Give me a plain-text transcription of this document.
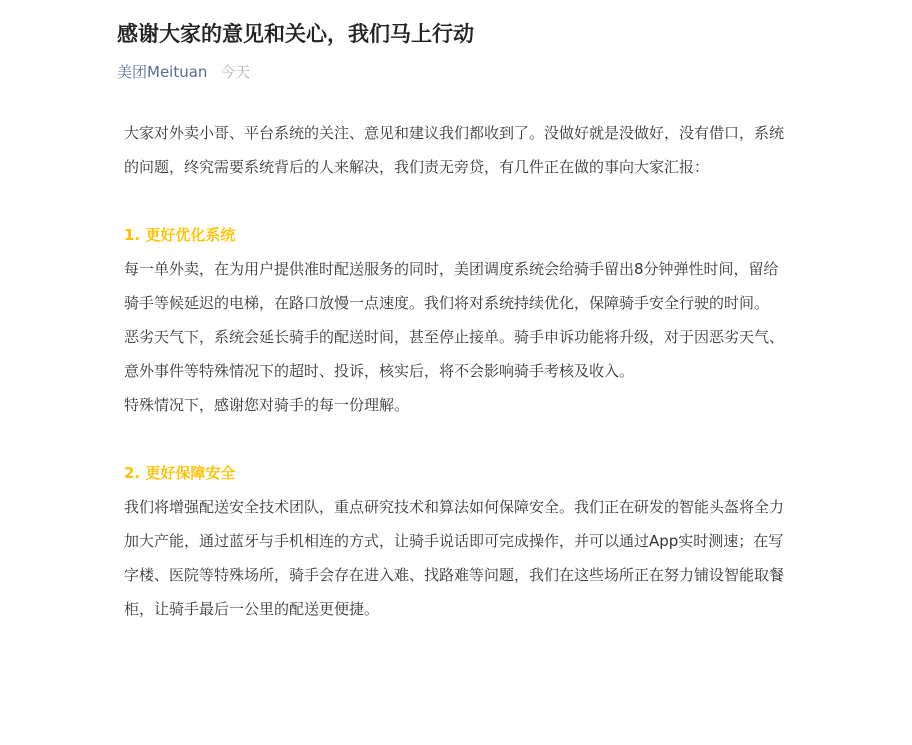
感谢大家的意见和关心，我们马上行动
美团Meituan 今天

大家对外卖小哥、平台系统的关注、意见和建议我们都收到了。没做好就是没做好，没有借口，系统的问题，终究需要系统背后的人来解决，我们责无旁贷，有几件正在做的事向大家汇报：

1. 更好优化系统

每一单外卖，在为用户提供准时配送服务的同时，美团调度系统会给骑手留出8分钟弹性时间，留给骑手等候延迟的电梯，在路口放慢一点速度。我们将对系统持续优化，保障骑手安全行驶的时间。

恶劣天气下，系统会延长骑手的配送时间，甚至停止接单。骑手申诉功能将升级，对于因恶劣天气、意外事件等特殊情况下的超时、投诉，核实后，将不会影响骑手考核及收入。

特殊情况下，感谢您对骑手的每一份理解。

2. 更好保障安全

我们将增强配送安全技术团队，重点研究技术和算法如何保障安全。我们正在研发的智能头盔将全力加大产能，通过蓝牙与手机相连的方式，让骑手说话即可完成操作，并可以通过App实时测速；在写字楼、医院等特殊场所，骑手会存在进入难、找路难等问题，我们在这些场所正在努力铺设智能取餐柜，让骑手最后一公里的配送更便捷。
